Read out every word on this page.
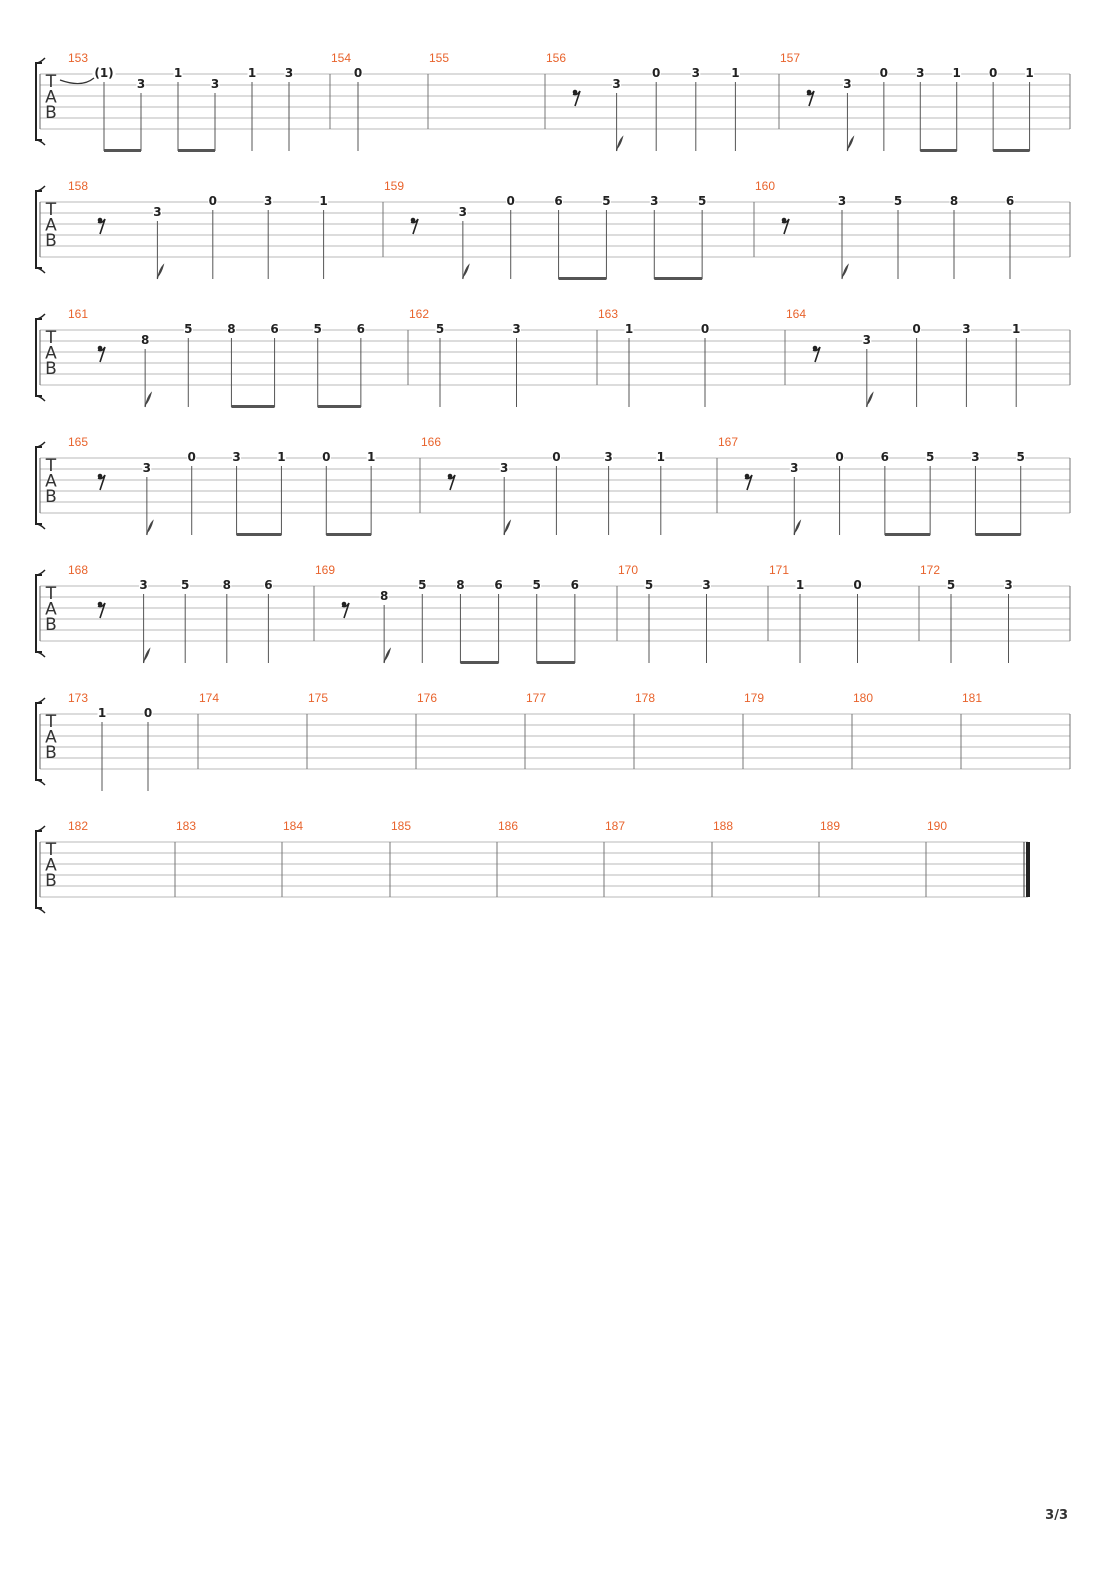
T
A
B
153
(1)
3
1
3
1 3
154
0
155	156
3
0	3	1
157
3
0 3 1 0 1
T
A
B
158
3
0	3	1
159
3
0	6	5	3	5
160
3	5	8	6
T
A
B
161
8
5	8	6	5	6
162
5	3
163
1	0
164
3
0	3	1
T
A
B
165
3
0	3	1	0	1
166
3
0	3	1
167
3
0	6	5	3	5
T
A
B
168
3	5	8	6
169
8
5 8 6 5 6
170
5	3
171
1	0
172
5	3
T
A
B
173
1	0
174	175	176	177	178	179	180	181
T
A
B
182	183	184	185	186	187	188	189	190
3/3
